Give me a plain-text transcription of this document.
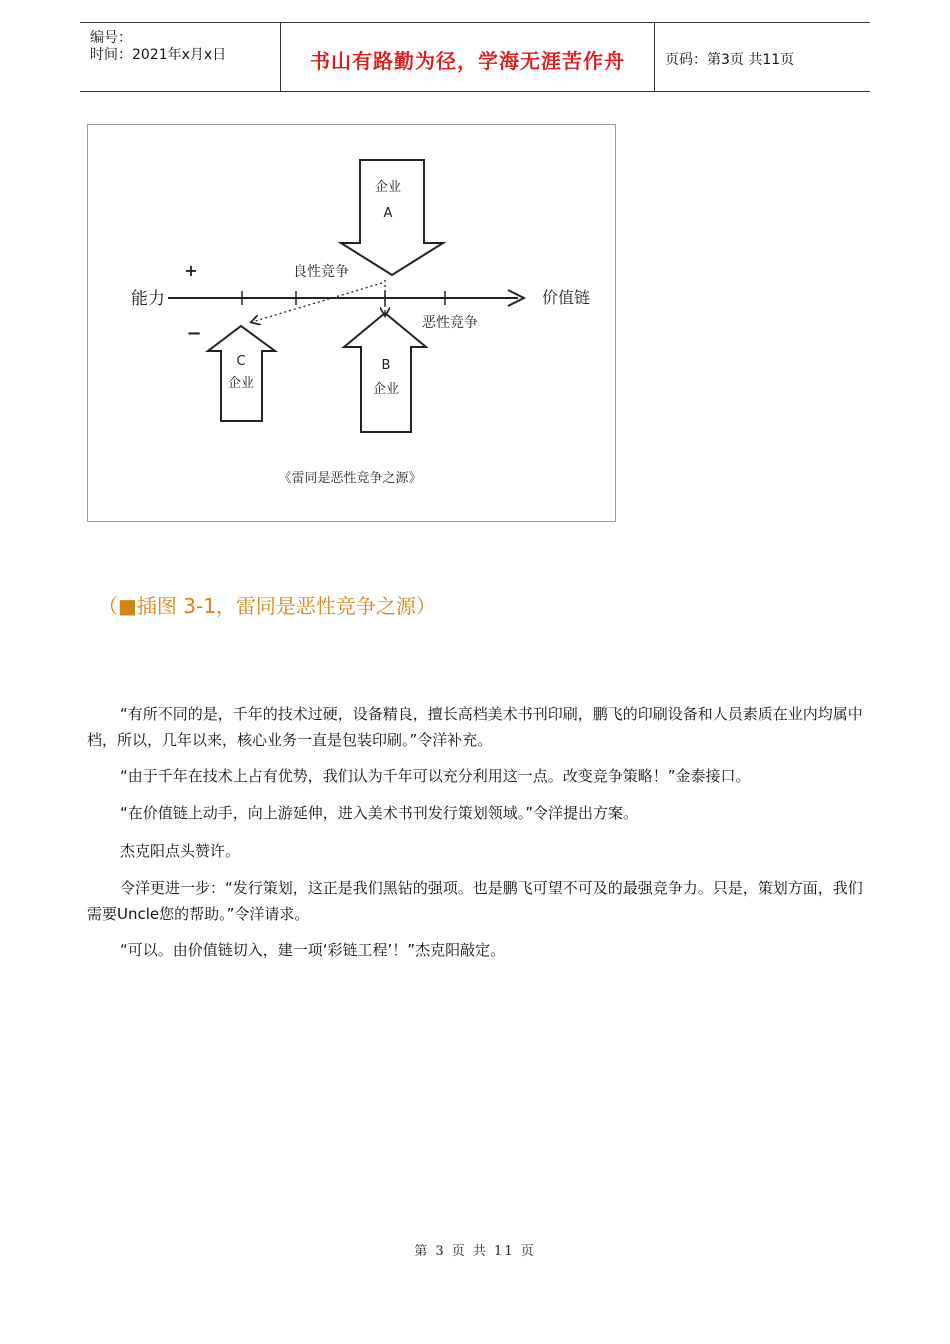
编号：
时间：2021年x月x日	书山有路勤为径，学海无涯苦作舟	页码：第3页 共11页
企业
A
B
企业
C
企业
+
−
良性竞争
恶性竞争
能力	价值链
《雷同是恶性竞争之源》
（■插图 3-1，雷同是恶性竞争之源）
“有所不同的是，千年的技术过硬，设备精良，擅长高档美术书刊印刷，鹏飞的印刷设备和人员素质在业内均属中档，所以，几年以来，核心业务一直是包装印刷。”令洋补充。
“由于千年在技术上占有优势，我们认为千年可以充分利用这一点。改变竞争策略！”金泰接口。
“在价值链上动手，向上游延伸，进入美术书刊发行策划领域。”令洋提出方案。
杰克阳点头赞许。
令洋更进一步：“发行策划，这正是我们黑钻的强项。也是鹏飞可望不可及的最强竞争力。只是，策划方面，我们需要Uncle您的帮助。”令洋请求。
“可以。由价值链切入，建一项‘彩链工程’！”杰克阳敲定。
第 3 页 共 11 页
